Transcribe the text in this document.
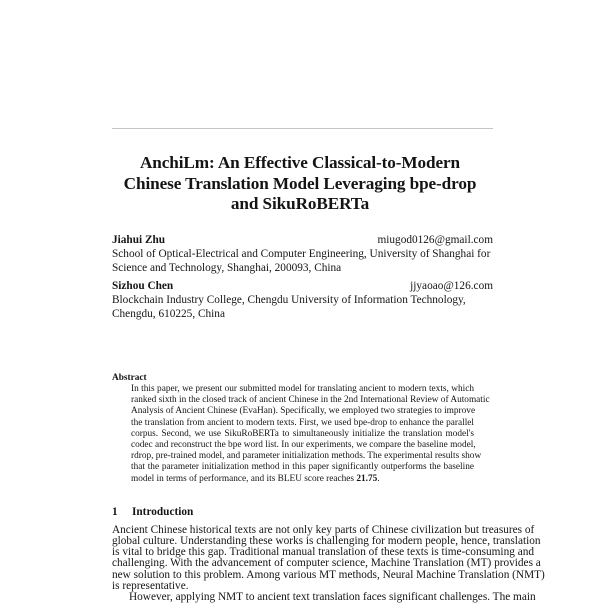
AnchiLm: An Effective Classical-to-Modern
Chinese Translation Model Leveraging bpe-drop
and SikuRoBERTa
Jiahui Zhu	miugod0126@gmail.com
School of Optical-Electrical and Computer Engineering, University of Shanghai for
Science and Technology, Shanghai, 200093, China
Sizhou Chen	jjyaoao@126.com
Blockchain Industry College, Chengdu University of Information Technology,
Chengdu, 610225, China
Abstract
In this paper, we present our submitted model for translating ancient to modern texts, which
ranked sixth in the closed track of ancient Chinese in the 2nd International Review of Automatic
Analysis of Ancient Chinese (EvaHan). Specifically, we employed two strategies to improve
the translation from ancient to modern texts. First, we used bpe-drop to enhance the parallel
corpus. Second, we use SikuRoBERTa to simultaneously initialize the translation model's
codec and reconstruct the bpe word list. In our experiments, we compare the baseline model,
rdrop, pre-trained model, and parameter initialization methods. The experimental results show
that the parameter initialization method in this paper significantly outperforms the baseline
model in terms of performance, and its BLEU score reaches 21.75.
1	Introduction
Ancient Chinese historical texts are not only key parts of Chinese civilization but treasures of
global culture. Understanding these works is challenging for modern people, hence, translation
is vital to bridge this gap. Traditional manual translation of these texts is time-consuming and
challenging. With the advancement of computer science, Machine Translation (MT) provides a
new solution to this problem. Among various MT methods, Neural Machine Translation (NMT)
is representative.
However, applying NMT to ancient text translation faces significant challenges. The main
